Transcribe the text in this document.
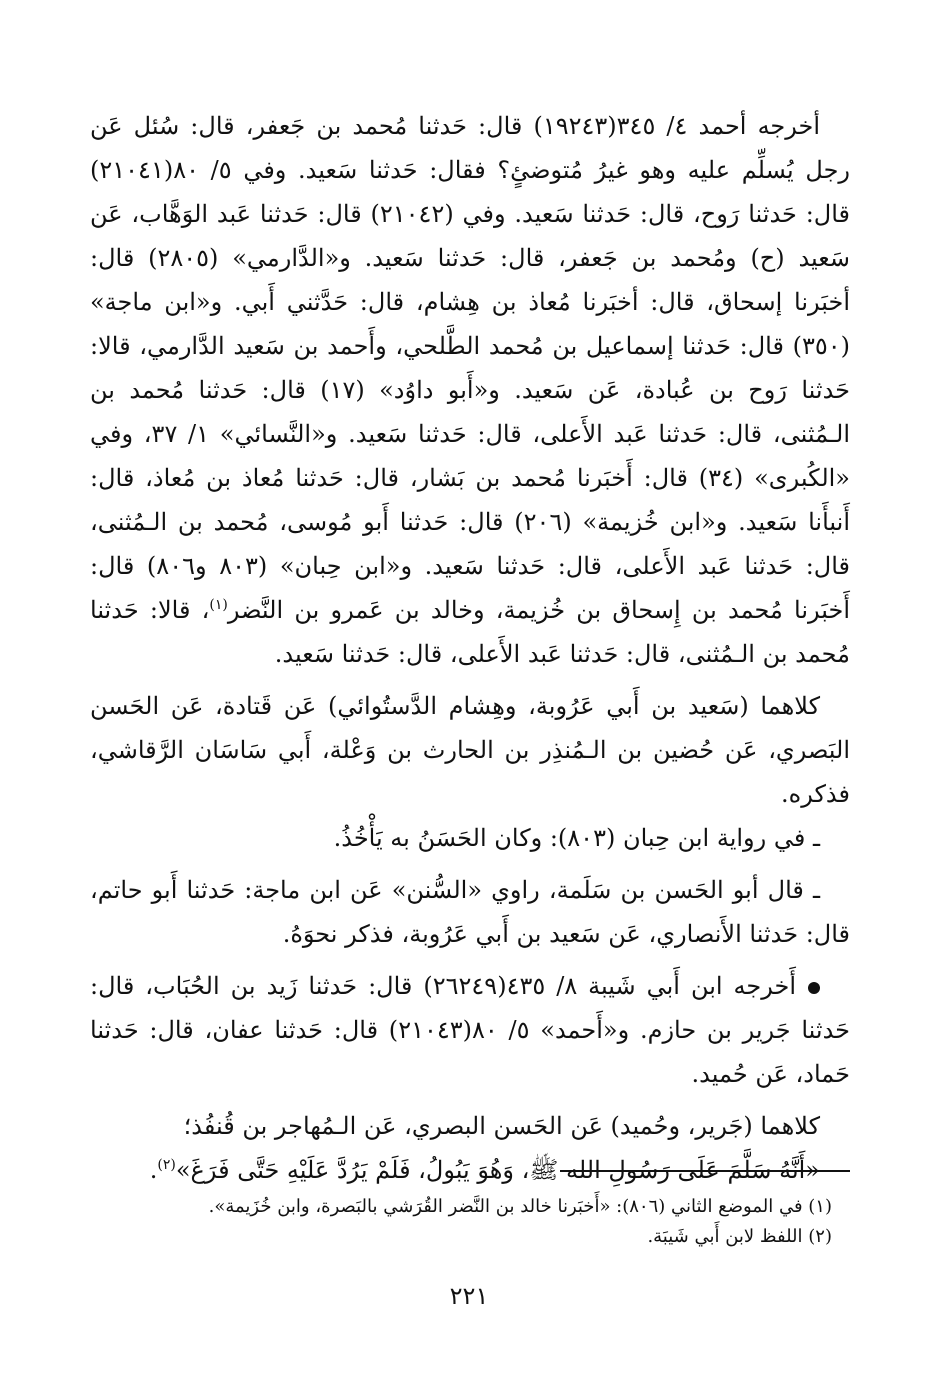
أخرجه أحمد ٤/ ٣٤٥(١٩٢٤٣) قال: حَدثنا مُحمد بن جَعفر، قال: سُئل عَن رجل يُسلِّم عليه وهو غيرُ مُتوضئٍ؟ فقال: حَدثنا سَعيد. وفي ٥/ ٨٠(٢١٠٤١) قال: حَدثنا رَوح، قال: حَدثنا سَعيد. وفي (٢١٠٤٢) قال: حَدثنا عَبد الوَهَّاب، عَن سَعيد (ح) ومُحمد بن جَعفر، قال: حَدثنا سَعيد. و«الدَّارمي» (٢٨٠٥) قال: أخبَرنا إسحاق، قال: أخبَرنا مُعاذ بن هِشام، قال: حَدَّثني أَبي. و«ابن ماجة» (٣٥٠) قال: حَدثنا إسماعيل بن مُحمد الطَّلحي، وأَحمد بن سَعيد الدَّارمي، قالا: حَدثنا رَوح بن عُبادة، عَن سَعيد. و«أَبو داوُد» (١٧) قال: حَدثنا مُحمد بن الـمُثنى، قال: حَدثنا عَبد الأَعلى، قال: حَدثنا سَعيد. و«النَّسائي» ١/ ٣٧، وفي «الكُبرى» (٣٤) قال: أَخبَرنا مُحمد بن بَشار، قال: حَدثنا مُعاذ بن مُعاذ، قال: أَنبأَنا سَعيد. و«ابن خُزيمة» (٢٠٦) قال: حَدثنا أَبو مُوسى، مُحمد بن الـمُثنى، قال: حَدثنا عَبد الأَعلى، قال: حَدثنا سَعيد. و«ابن حِبان» (٨٠٣ و٨٠٦) قال: أَخبَرنا مُحمد بن إِسحاق بن خُزيمة، وخالد بن عَمرو بن النَّضر$^{(١)}$، قالا: حَدثنا مُحمد بن الـمُثنى، قال: حَدثنا عَبد الأَعلى، قال: حَدثنا سَعيد.

كلاهما (سَعيد بن أَبي عَرُوبة، وهِشام الدَّستُوائي) عَن قَتادة، عَن الحَسن البَصري، عَن حُضين بن الـمُنذِر بن الحارث بن وَعْلة، أَبي سَاسَان الرَّقاشي، فذكره.

ـ في رواية ابن حِبان (٨٠٣): وكان الحَسَنُ به يَأْخُذُ.

ـ قال أبو الحَسن بن سَلَمة، راوي «السُّنن» عَن ابن ماجة: حَدثنا أَبو حاتم، قال: حَدثنا الأَنصاري، عَن سَعيد بن أَبي عَرُوبة، فذكر نحوَهُ.

أَخرجه ابن أَبي شَيبة ٨/ ٤٣٥(٢٦٢٤٩) قال: حَدثنا زَيد بن الحُبَاب، قال: حَدثنا جَرير بن حازم. و«أَحمد» ٥/ ٨٠(٢١٠٤٣) قال: حَدثنا عفان، قال: حَدثنا حَماد، عَن حُميد.

كلاهما (جَرير، وحُميد) عَن الحَسن البصري، عَن الـمُهاجر بن قُنفُذ؛

«أَنَّهُ سَلَّمَ عَلَى رَسُولِ الله ﷺ، وَهُوَ يَبُولُ، فَلَمْ يَرُدَّ عَلَيْهِ حَتَّى فَرَغَ»$^{(٢)}$.

(١) في الموضع الثاني (٨٠٦): «أَخبَرنا خالد بن النَّضر القُرَشي بالبَصرة، وابن خُزَيمة».

(٢) اللفظ لابن أَبي شَيبَة.

٢٢١
